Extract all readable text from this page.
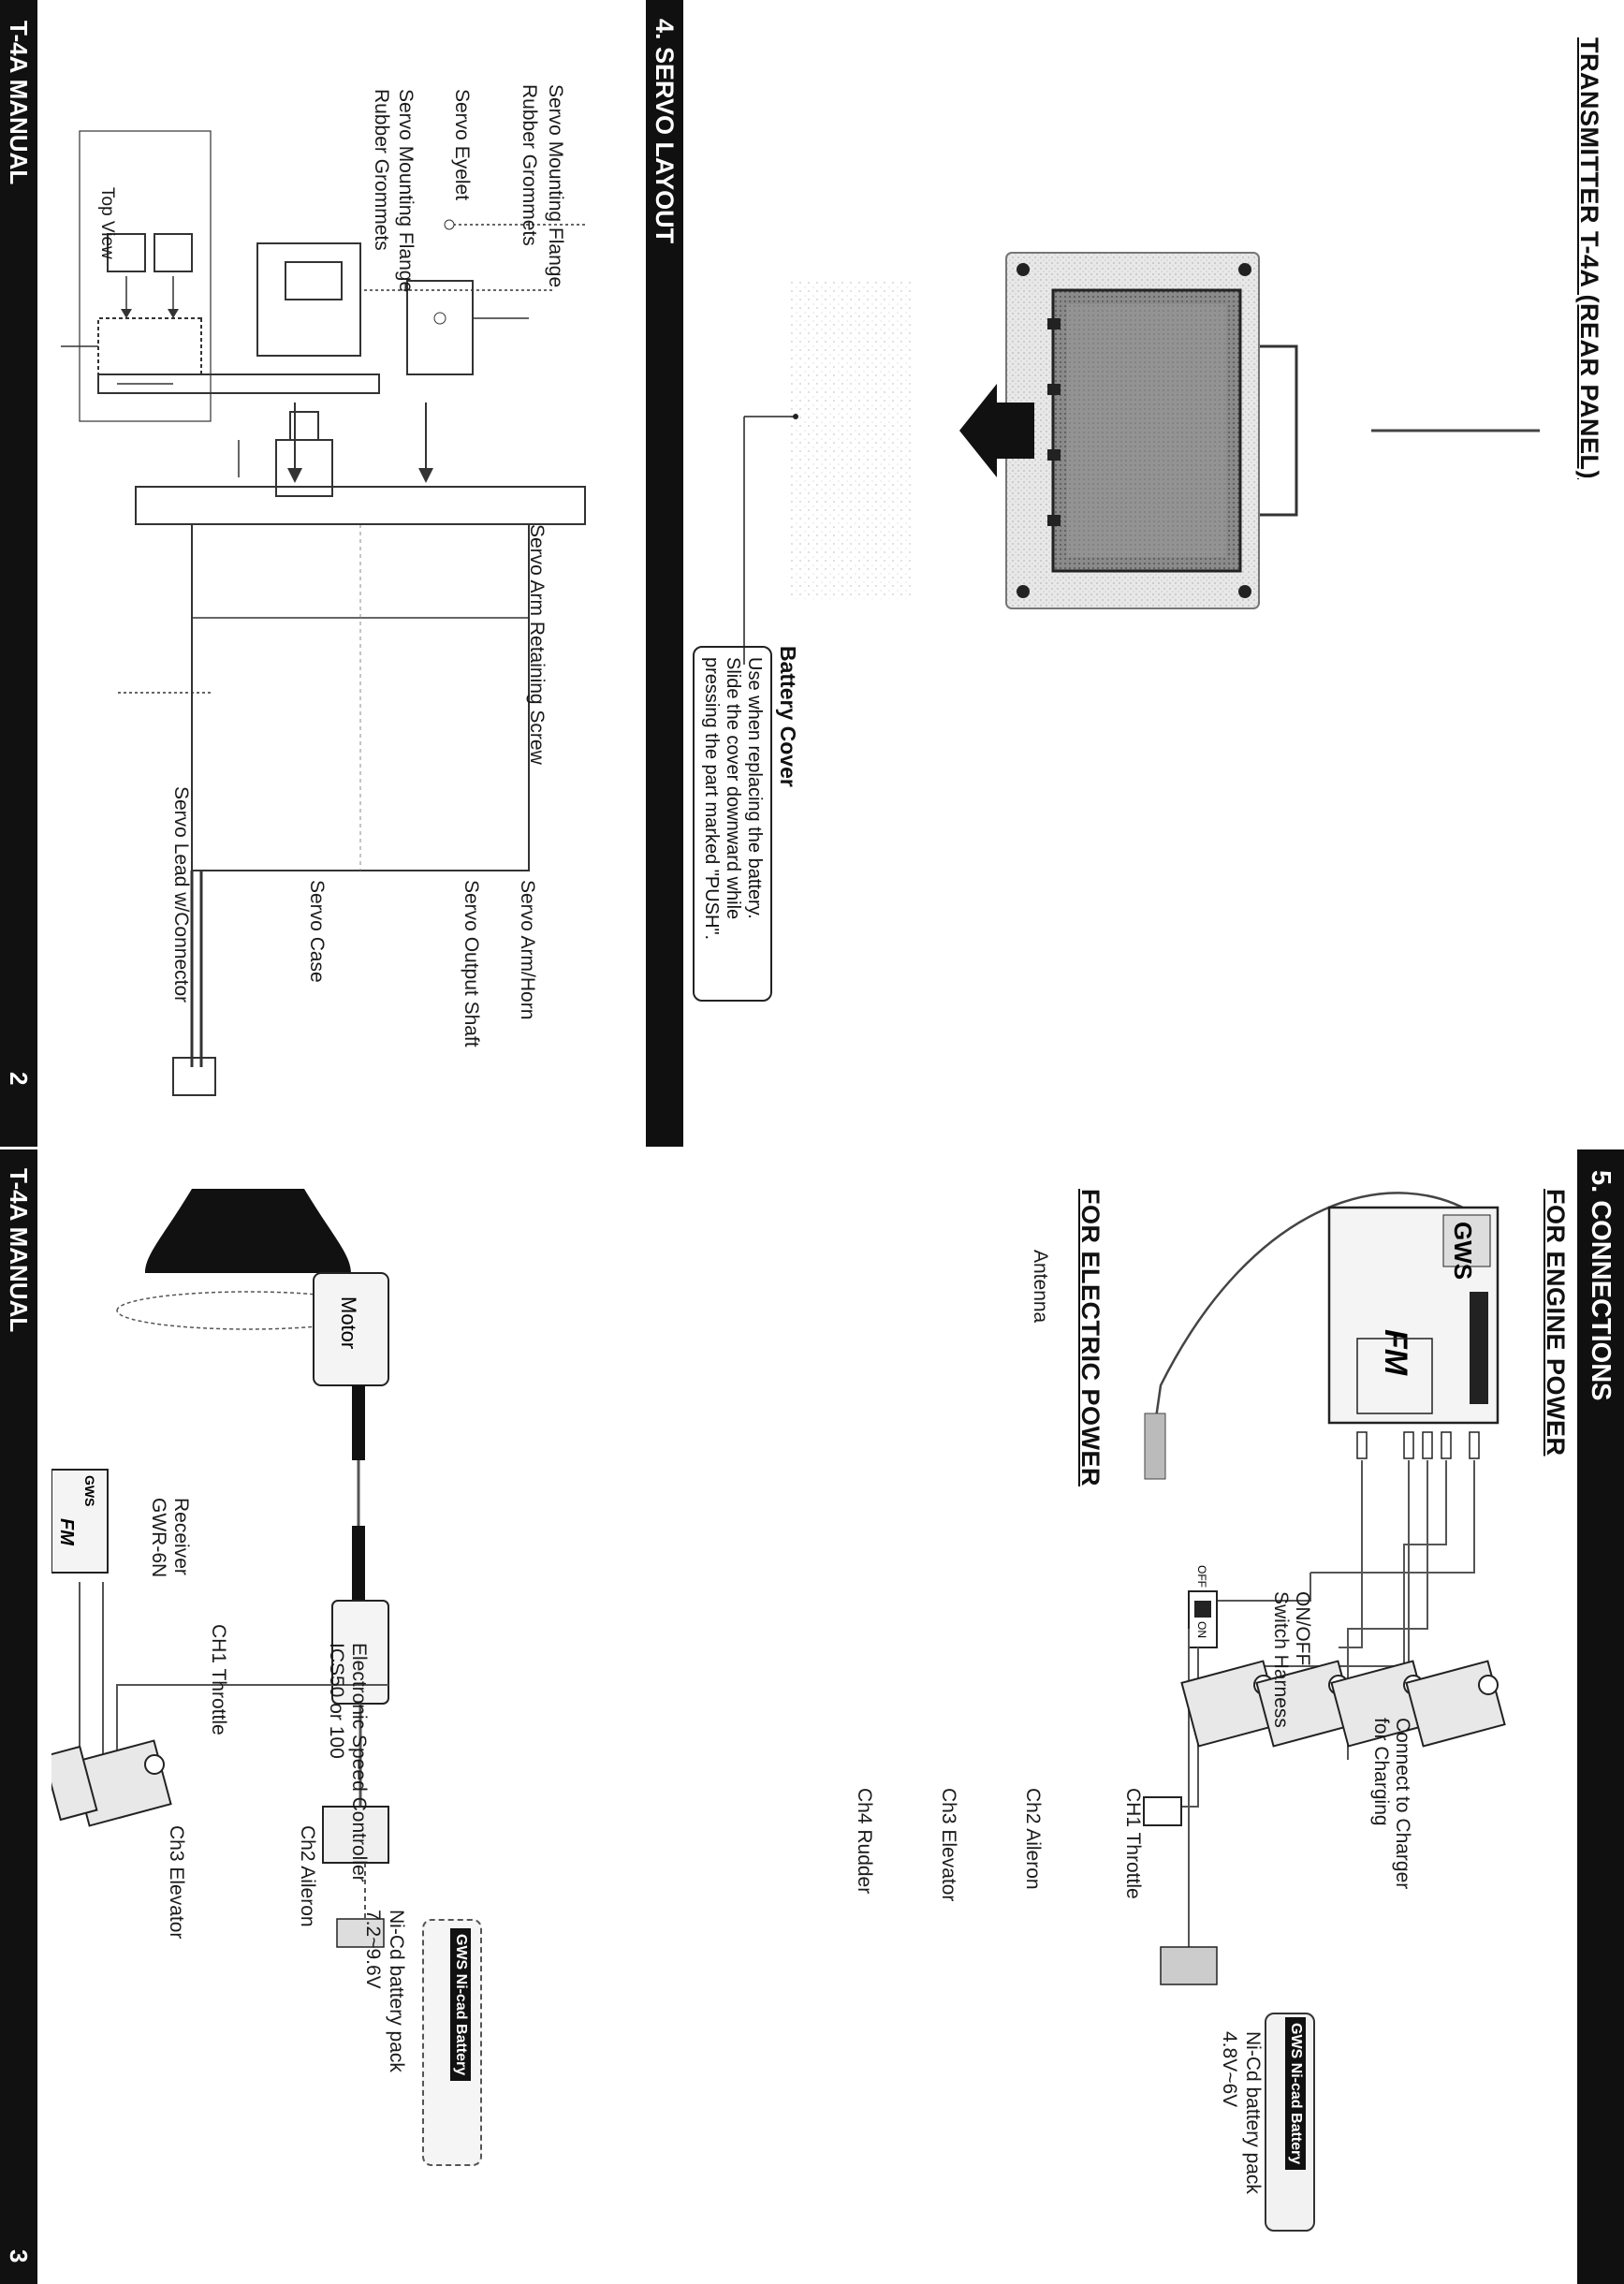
TRANSMITTER T-4A (REAR PANEL)
Battery Cover
Use when replacing the battery.
Slide the cover downward while
pressing the part marked "PUSH".
4. SERVO LAYOUT
Servo Mounting Flange
Rubber Grommets
Servo Eyelet
Servo Mounting Flange
Rubber Grommets
Top View
Servo Arm Retaining Screw
Servo Arm/Horn
Servo Output Shaft
Servo Case
Servo Lead w/Connector
T-4A MANUAL
2
5. CONNECTIONS
FOR ENGINE POWER
FOR ELECTRIC POWER	GWS
FM
ON
OFF
GWS Ni-cad Battery
Antenna
ON/OFF
Switch Harness
Connect to Charger
for Charging
Ni-Cd battery pack
4.8V~6V
CH1 Throttle
Ch2 Aileron
Ch3 Elevator
Ch4 Rudder
Motor
GWS
FM
GWS Ni-cad Battery
Electronic Speed Controller
ICS50 or 100
CH1 Throttle
Receiver
GWR-6N
Ni-Cd battery pack
7.2~9.6V
Ch2 Aileron
Ch3 Elevator
T-4A MANUAL
3
